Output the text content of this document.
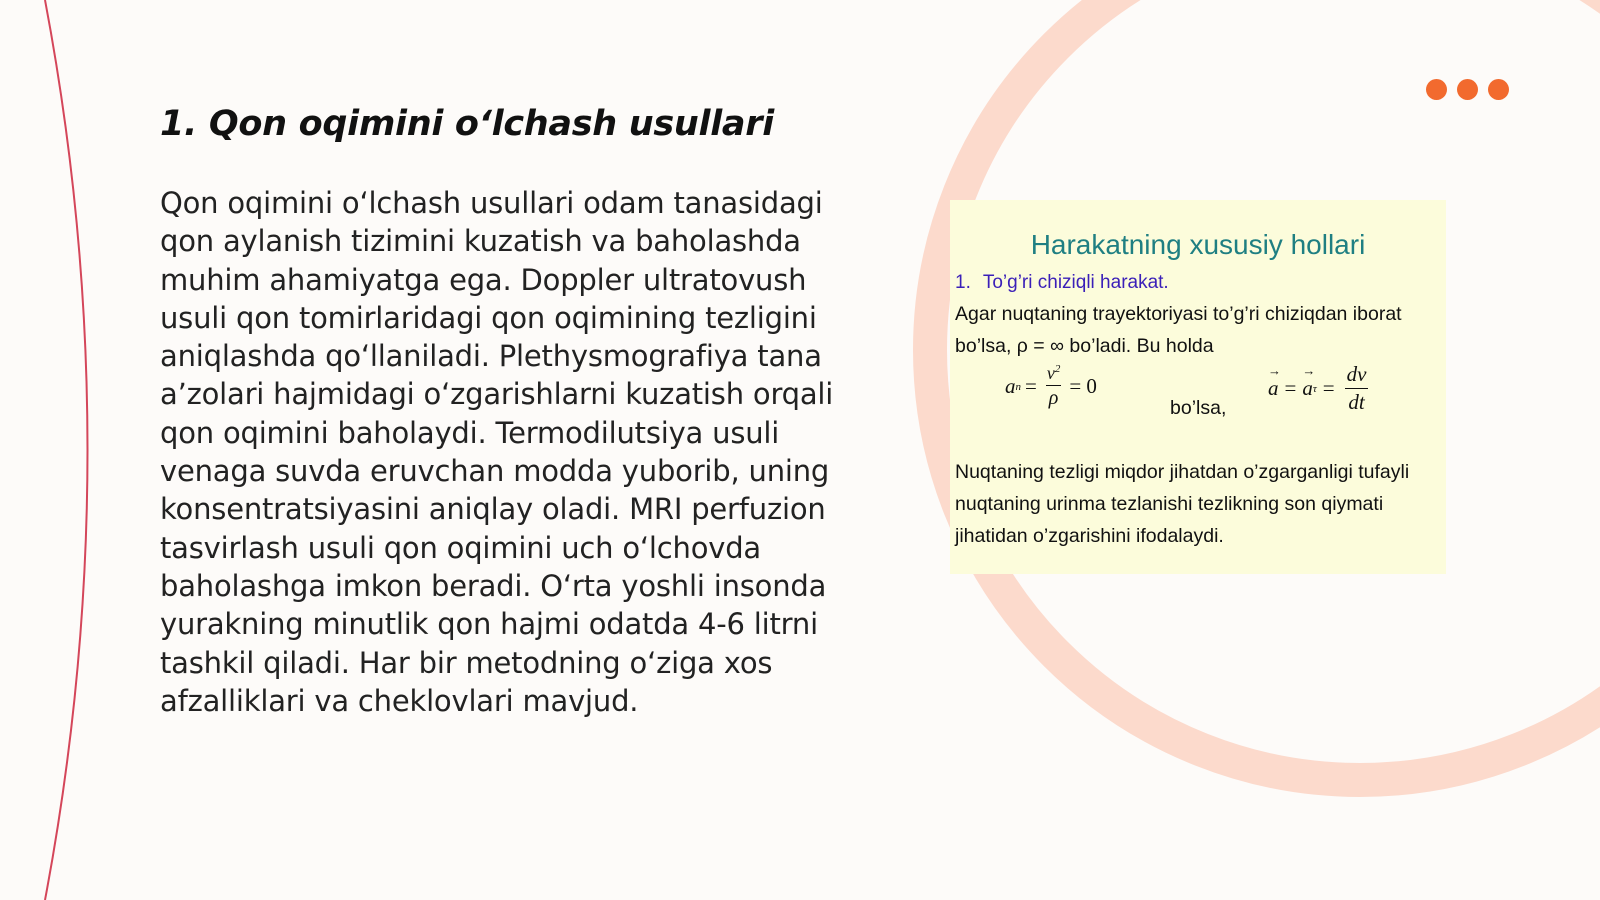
1. Qon oqimini o‘lchash usullari

Qon oqimini o‘lchash usullari odam tanasidagi qon aylanish tizimini kuzatish va baholashda muhim ahamiyatga ega. Doppler ultratovush usuli qon tomirlaridagi qon oqimining tezligini aniqlashda qo‘llaniladi. Plethysmografiya tana a’zolari hajmidagi o‘zgarishlarni kuzatish orqali qon oqimini baholaydi. Termodilutsiya usuli venaga suvda eruvchan modda yuborib, uning konsentratsiyasini aniqlay oladi. MRI perfuzion tasvirlash usuli qon oqimini uch o‘lchovda baholashga imkon beradi. O‘rta yoshli insonda yurakning minutlik qon hajmi odatda 4-6 litrni tashkil qiladi. Har bir metodning o‘ziga xos afzalliklari va cheklovlari mavjud.

Harakatning xususiy hollari
1. To’g’ri chiziqli harakat.
Agar nuqtaning trayektoriyasi to’g’ri chiziqdan iborat bo’lsa, ρ = ∞ bo’ladi. Bu holda
a $n = \frac{v^2}{\rho} = 0$
bo’lsa,
→ a =
→ a $\tau = \frac{dv}{dt}$
Nuqtaning tezligi miqdor jihatdan o’zgarganligi tufayli nuqtaning urinma tezlanishi tezlikning son qiymati jihatidan o’zgarishini ifodalaydi.
